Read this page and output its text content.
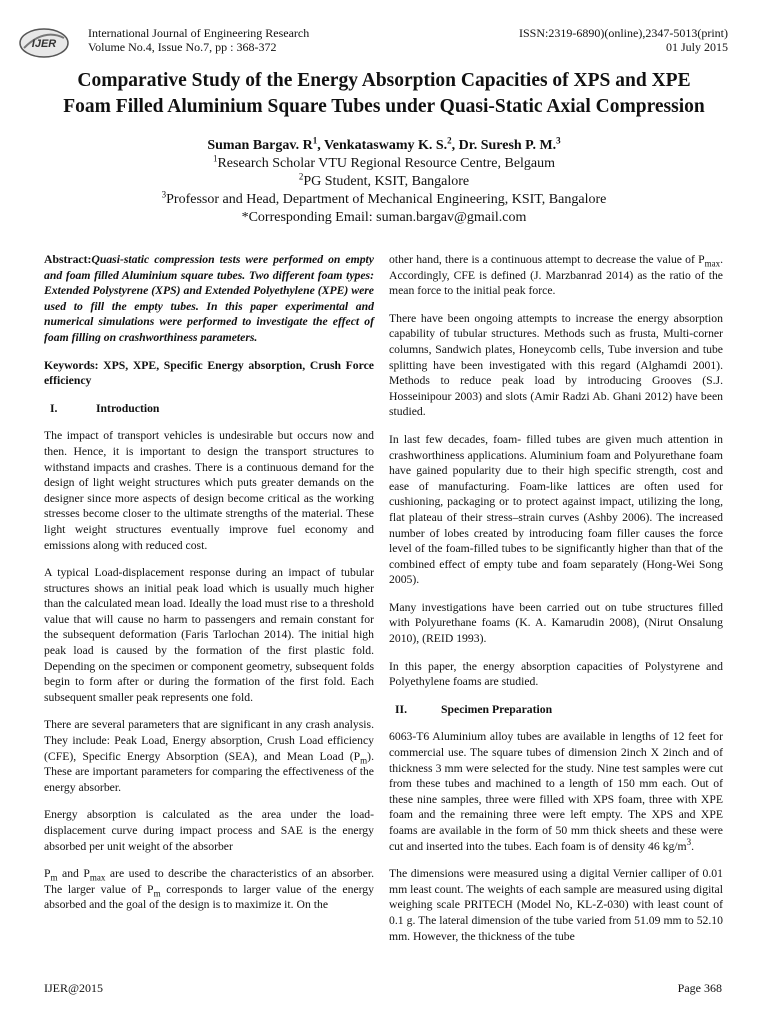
IJER
International Journal of Engineering Research
Volume No.4, Issue No.7, pp : 368-372
ISSN:2319-6890)(online),2347-5013(print)
01 July 2015
Comparative Study of the Energy Absorption Capacities of XPS and XPE
Foam Filled Aluminium Square Tubes under Quasi-Static Axial Compression
Suman Bargav. $R^1$, Venkataswamy K. S.$^2$, Dr. Suresh P. M.$^3$
$^1$Research Scholar VTU Regional Resource Centre, Belgaum
$^2$PG Student, KSIT, Bangalore
$^3$Professor and Head, Department of Mechanical Engineering, KSIT, Bangalore
*Corresponding Email: suman.bargav@gmail.com

Abstract:Quasi-static compression tests were performed on empty and foam filled Aluminium square tubes. Two different foam types: Extended Polystyrene (XPS) and Extended Polyethylene (XPE) were used to fill the empty tubes. In this paper experimental and numerical simulations were performed to investigate the effect of foam filling on crashworthiness parameters.

Keywords: XPS, XPE, Specific Energy absorption, Crush Force efficiency

I.	Introduction

The impact of transport vehicles is undesirable but occurs now and then. Hence, it is important to design the transport structures to withstand impacts and crashes. There is a continuous demand for the design of light weight structures which puts greater demands on the designer since more aspects of design become critical as the working stresses become closer to the ultimate strengths of the material. These light weight structures eventually improve fuel economy and emissions along with reduced cost.

A typical Load-displacement response during an impact of tubular structures shows an initial peak load which is usually much higher than the calculated mean load. Ideally the load must rise to a threshold value that will cause no harm to passengers and remain constant for the subsequent deformation (Faris Tarlochan 2014). The initial high peak load is caused by the formation of the first plastic fold. Depending on the specimen or component geometry, subsequent folds begin to form after or during the formation of the first fold. Each subsequent smaller peak represents one fold.

There are several parameters that are significant in any crash analysis. They include: Peak Load, Energy absorption, Crush Load efficiency (CFE), Specific Energy Absorption (SEA), and Mean Load $(P_m)$. These are important parameters for comparing the effectiveness of the energy absorber.

Energy absorption is calculated as the area under the load-displacement curve during impact process and SAE is the energy absorbed per unit weight of the absorber

$P_m$ and $P_{max}$ are used to describe the characteristics of an absorber. The larger value of $P_m$ corresponds to larger value of the energy absorbed and the goal of the design is to maximize it. On the

other hand, there is a continuous attempt to decrease the value of $P_{max}$. Accordingly, CFE is defined (J. Marzbanrad 2014) as the ratio of the mean force to the initial peak force.

There have been ongoing attempts to increase the energy absorption capability of tubular structures. Methods such as frusta, Multi-corner columns, Sandwich plates, Honeycomb cells, Tube inversion and tube splitting have been investigated with this regard (Alghamdi 2001). Methods to reduce peak load by introducing Grooves (S.J. Hosseinipour 2003) and slots (Amir Radzi Ab. Ghani 2012) have been studied.

In last few decades, foam- filled tubes are given much attention in crashworthiness applications. Aluminium foam and Polyurethane foam have gained popularity due to their high specific strength, cost and ease of manufacturing. Foam-like lattices are often used for cushioning, packaging or to protect against impact, utilizing the long, flat plateau of their stress–strain curves (Ashby 2006). The increased number of lobes created by introducing foam filler causes the force level of the foam-filled tubes to be significantly higher than that of the combined effect of empty tube and foam separately (Hong-Wei Song 2005).

Many investigations have been carried out on tube structures filled with Polyurethane foams (K. A. Kamarudin 2008), (Nirut Onsalung 2010), (REID 1993).

In this paper, the energy absorption capacities of Polystyrene and Polyethylene foams are studied.

II.	Specimen Preparation

6063-T6 Aluminium alloy tubes are available in lengths of 12 feet for commercial use. The square tubes of dimension 2inch X 2inch and of thickness 3 mm were selected for the study. Nine test samples were cut from these tubes and machined to a length of 150 mm each. Out of these nine samples, three were filled with XPS foam, three with XPE foam and the remaining three were left empty. The XPS and XPE foams are available in the form of 50 mm thick sheets and these were cut and inserted into the tubes. Each foam is of density 46 $kg/m^3$.

The dimensions were measured using a digital Vernier calliper of 0.01 mm least count. The weights of each sample are measured using digital weighing scale PRITECH (Model No, KL-Z-030) with least count of 0.1 g. The lateral dimension of the tube varied from 51.09 mm to 52.10 mm. However, the thickness of the tube

IJER@2015	Page 368
